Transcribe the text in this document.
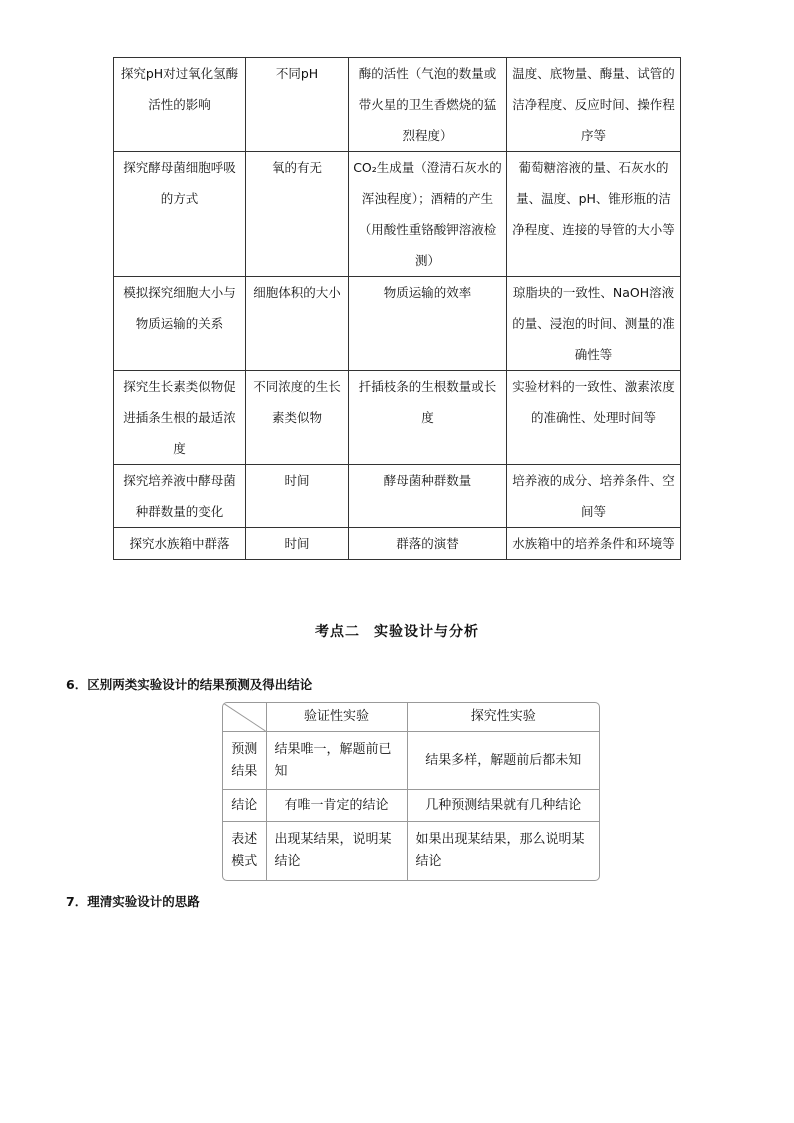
探究pH对过氧化氢酶活性的影响	不同pH	酶的活性（气泡的数量或带火星的卫生香燃烧的猛烈程度）	温度、底物量、酶量、试管的洁净程度、反应时间、操作程序等
探究酵母菌细胞呼吸的方式	氧的有无	CO₂生成量（澄清石灰水的浑浊程度）；酒精的产生（用酸性重铬酸钾溶液检测）	葡萄糖溶液的量、石灰水的量、温度、pH、锥形瓶的洁净程度、连接的导管的大小等
模拟探究细胞大小与物质运输的关系	细胞体积的大小	物质运输的效率	琼脂块的一致性、NaOH溶液的量、浸泡的时间、测量的准确性等
探究生长素类似物促进插条生根的最适浓度	不同浓度的生长素类似物	扦插枝条的生根数量或长度	实验材料的一致性、激素浓度的准确性、处理时间等
探究培养液中酵母菌种群数量的变化	时间	酵母菌种群数量	培养液的成分、培养条件、空间等
探究水族箱中群落	时间	群落的演替	水族箱中的培养条件和环境等
考点二 实验设计与分析
6．区别两类实验设计的结果预测及得出结论
	验证性实验	探究性实验
预测结果	结果唯一，解题前已知	结果多样，解题前后都未知
结论	有唯一肯定的结论	几种预测结果就有几种结论
表述模式	出现某结果，说明某结论	如果出现某结果，那么说明某结论
7．理清实验设计的思路
